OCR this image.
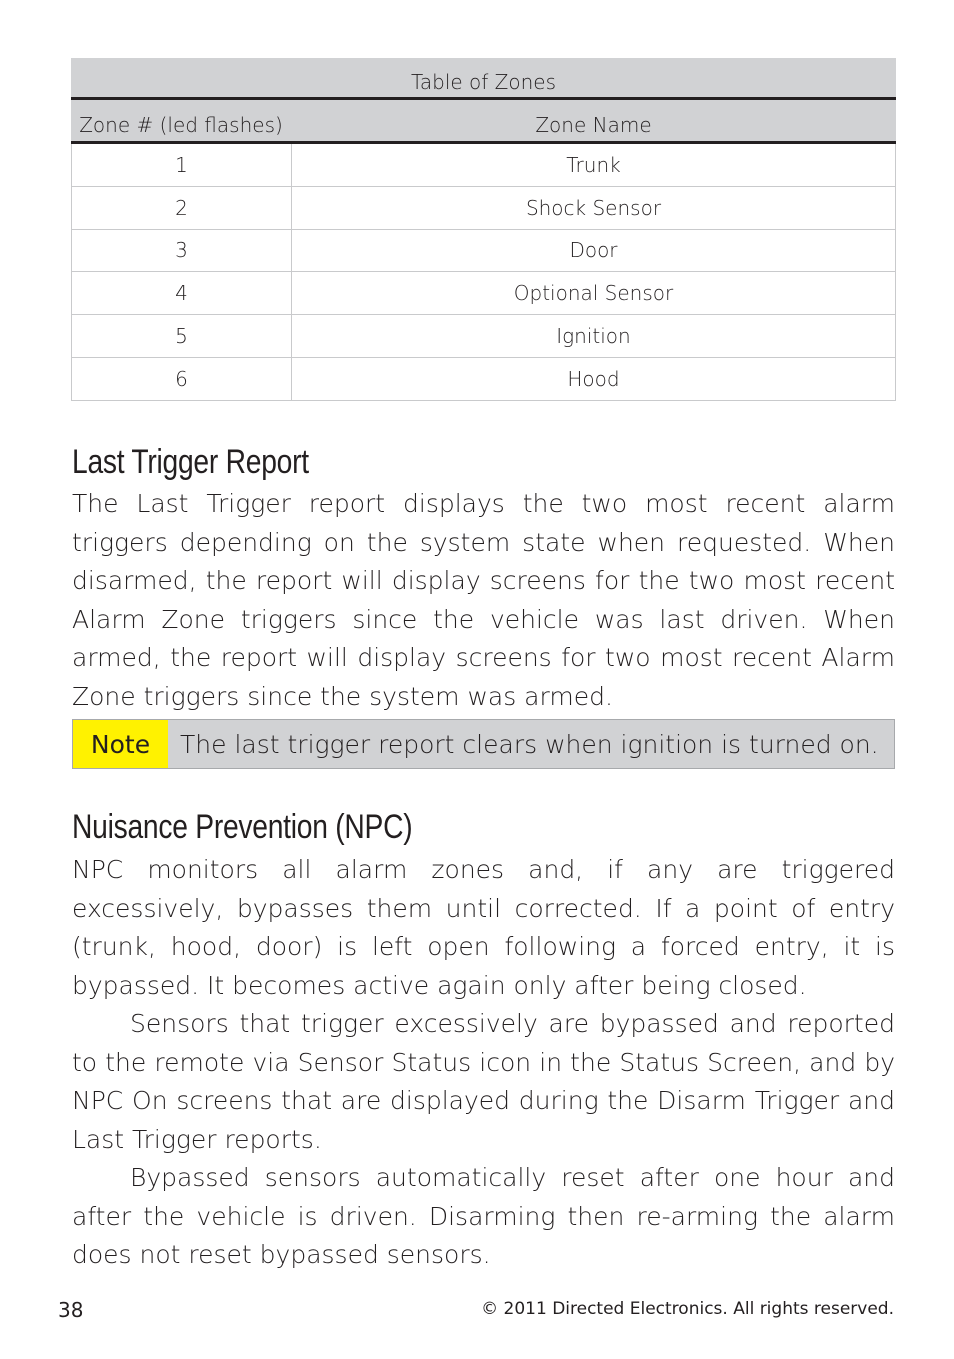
Table of Zones
Zone # (led flashes)	Zone Name
1	Trunk
2	Shock Sensor
3	Door
4	Optional Sensor
5	Ignition
6	Hood
Last Trigger Report

The Last Trigger report displays the two most recent alarm triggers depending on the system state when requested. When disarmed, the report will display screens for the two most recent Alarm Zone triggers since the vehicle was last driven. When armed, the report will display screens for two most recent Alarm Zone triggers since the system was armed.

Note	The last trigger report clears when ignition is turned on.
Nuisance Prevention (NPC)

NPC monitors all alarm zones and, if any are triggered excessively, bypasses them until corrected. If a point of entry (trunk, hood, door) is left open following a forced entry, it is bypassed. It becomes active again only after being closed.

Sensors that trigger excessively are bypassed and reported to the remote via Sensor Status icon in the Status Screen, and by NPC On screens that are displayed during the Disarm Trigger and Last Trigger reports.

Bypassed sensors automatically reset after one hour and after the vehicle is driven. Disarming then re-arming the alarm does not reset bypassed sensors.

38	© 2011 Directed Electronics. All rights reserved.
